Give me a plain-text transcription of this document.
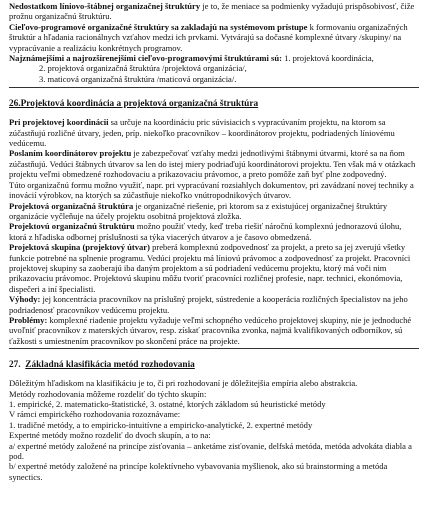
Nedostatkom líniovo-štábnej organizačnej štruktúry je to, že meniace sa podmienky vyžadujú prispôsobivosť, čiže prožnu organizačnú štruktúru.

Cieľovo-programové organizačné štruktúry sa zakladajú na systémovom prístupe k formovaniu organizačných štruktúr a hľadania racionálnych vzťahov medzi ich prvkami. Vytvárajú sa dočasné komplexné útvary /skupiny/ na vypracúvanie a realizáciu konkrétnych programov.

Najznámejšími a najrozšírenejšími cieľovo-programovými štruktúrami sú: 1. projektová koordinácia,

2. projektová organizačná štruktúra /projektová organizácia/,

3. maticová organizačná štruktúra /maticová organizácia/.

26.Projektová koordinácia a projektová organizačná štruktúra

Pri projektovej koordinácii sa určuje na koordináciu pric súvisiacich s vypracúvaním projektu, na ktorom sa zúčastňujú rozličné útvary, jeden, príp. niekoľko pracovníkov – koordinátorov projektu, podriadených líniovému vedúcemu.

Poslaním koordinátorov projektu je zabezpečovať vzťahy medzi jednotlivými štábnymi útvarmi, ktoré sa na ňom zúčastňujú. Vedúci štábnych útvarov sa len do istej miery podriaďujú koordinátorovi projektu. Ten však má v otázkach projektu veľmi obmedzené rozhodovaciu a prikazovaciu právomoc, a preto pomôže zaň byť plne zodpovedný.

Túto organizačnú formu možno využiť, napr. pri vypracúvaní rozsiahlych dokumentov, pri zavádzaní novej techniky a inovácií výrobkov, na ktorých sa zúčastňuje niekoľko vnútropodnikových útvarov.

Projektová organizačná štruktúra je organizačné riešenie, pri ktorom sa z existujúcej organizačnej štruktúry organizácie vyčleňuje na účely projektu osobitná projektová zložka.

Projektovú organizačnú štruktúru možno použiť vtedy, keď treba riešiť náročnú komplexnú jednorazovú úlohu, ktorá z hľadiska odbornej príslušnosti sa týka viacerých útvarov a je časovo obmedzená.

Projektová skupina (projektový útvar) preberá komplexnú zodpovednosť za projekt, a preto sa jej zverujú všetky funkcie potrebné na splnenie programu. Vedúci projektu má líniovú právomoc a zodpovednosť za projekt. Pracovníci projektovej skupiny sa zaoberajú iba daným projektom a sú podriadení vedúcemu projektu, ktorý má voči nim prikazovaciu právomoc. Projektovú skupinu môžu tvoriť pracovníci rozličnej profesie, napr. technici, ekonómovia, dispečeri a iní špecialisti.

Výhody: jej koncentrácia pracovníkov na príslušný projekt, sústredenie a kooperácia rozličných špecialistov na jeho podriadenosť pracovníkov vedúcemu projektu.

Problémy: komplexné riadenie projektu vyžaduje veľmi schopného vedúceho projektovej skupiny, nie je jednoduché uvoľniť pracovníkov z materských útvarov, resp. získať pracovníka zvonka, najmä kvalifikovaných odborníkov, sú ťažkosti s umiestnením pracovníkov po skončení práce na projekte.

27. Základná klasifikácia metód rozhodovania

Dôležitým hľadiskom na klasifikáciu je to, či pri rozhodovaní je dôležitejšia empíria alebo abstrakcia.

Metódy rozhodovania môžeme rozdeliť do týchto skupín:

1. empirické, 2. matematicko-štatistické, 3. ostatné, ktorých základom sú heuristické metódy

V rámci empirického rozhodovania rozoznávame:

1. tradičné metódy, a to empiricko-intuitívne a empiricko-analytické, 2. expertné metódy

Expertné metódy možno rozdeliť do dvoch skupín, a to na:

a/ expertné metódy založené na princípe zisťovania – anketáme zisťovanie, delfská metóda, metóda advokáta diabla a pod.

b/ expertné metódy založené na princípe kolektívneho vybavovania myšlienok, ako sú brainstorming a metóda synectics.
